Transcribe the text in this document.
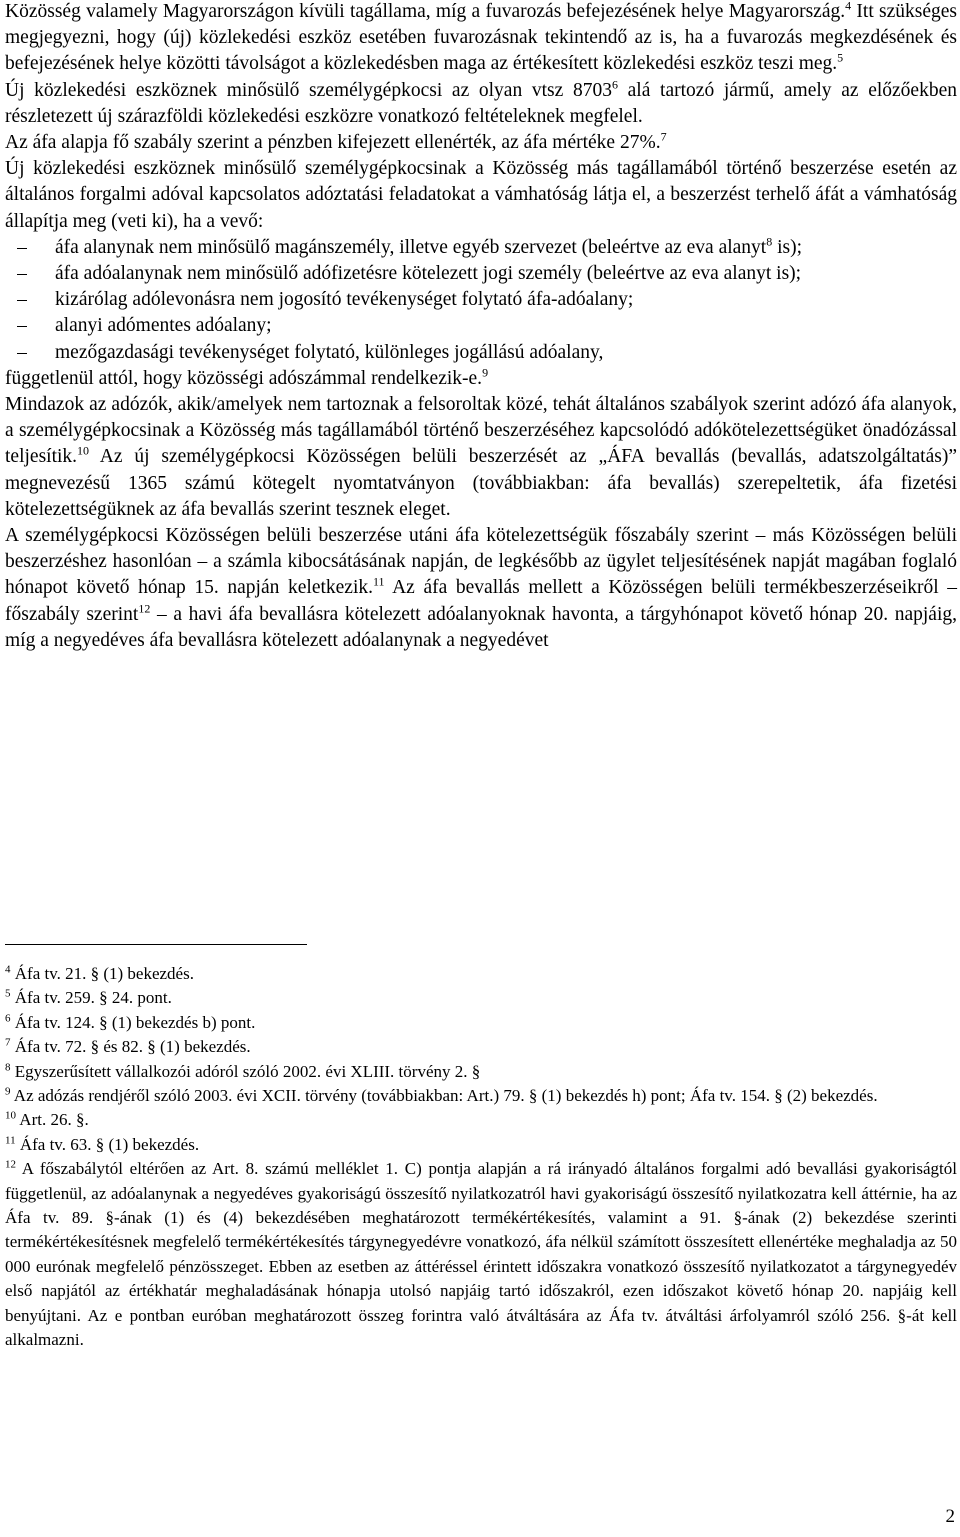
Közösség valamely Magyarországon kívüli tagállama, míg a fuvarozás befejezésének helye Magyarország.$^4$ Itt szükséges megjegyezni, hogy (új) közlekedési eszköz esetében fuvarozásnak tekintendő az is, ha a fuvarozás megkezdésének és befejezésének helye közötti távolságot a közlekedésben maga az értékesített közlekedési eszköz teszi meg.$^5$

Új közlekedési eszköznek minősülő személygépkocsi az olyan vtsz 8703$^6$ alá tartozó jármű, amely az előzőekben részletezett új szárazföldi közlekedési eszközre vonatkozó feltételeknek megfelel.

Az áfa alapja fő szabály szerint a pénzben kifejezett ellenérték, az áfa mértéke 27%.$^7$

Új közlekedési eszköznek minősülő személygépkocsinak a Közösség más tagállamából történő beszerzése esetén az általános forgalmi adóval kapcsolatos adóztatási feladatokat a vámhatóság látja el, a beszerzést terhelő áfát a vámhatóság állapítja meg (veti ki), ha a vevő:

–	áfa alanynak nem minősülő magánszemély, illetve egyéb szervezet (beleértve az eva alanyt$^8$ is);
–	áfa adóalanynak nem minősülő adófizetésre kötelezett jogi személy (beleértve az eva alanyt is);
–	kizárólag adólevonásra nem jogosító tevékenységet folytató áfa-adóalany;
–	alanyi adómentes adóalany;
–	mezőgazdasági tevékenységet folytató, különleges jogállású adóalany,

függetlenül attól, hogy közösségi adószámmal rendelkezik-e.$^9$

Mindazok az adózók, akik/amelyek nem tartoznak a felsoroltak közé, tehát általános szabályok szerint adózó áfa alanyok, a személygépkocsinak a Közösség más tagállamából történő beszerzéséhez kapcsolódó adókötelezettségüket önadózással teljesítik.$^{10}$ Az új személygépkocsi Közösségen belüli beszerzését az „ÁFA bevallás (bevallás, adatszolgáltatás)” megnevezésű 1365 számú kötegelt nyomtatványon (továbbiakban: áfa bevallás) szerepeltetik, áfa fizetési kötelezettségüknek az áfa bevallás szerint tesznek eleget.

A személygépkocsi Közösségen belüli beszerzése utáni áfa kötelezettségük főszabály szerint – más Közösségen belüli beszerzéshez hasonlóan – a számla kibocsátásának napján, de legkésőbb az ügylet teljesítésének napját magában foglaló hónapot követő hónap 15. napján keletkezik.$^{11}$ Az áfa bevallás mellett a Közösségen belüli termékbeszerzéseikről – főszabály szerint$^{12}$ – a havi áfa bevallásra kötelezett adóalanyoknak havonta, a tárgyhónapot követő hónap 20. napjáig, míg a negyedéves áfa bevallásra kötelezett adóalanynak a negyedévet

$^4$ Áfa tv. 21. § (1) bekezdés.

$^5$ Áfa tv. 259. § 24. pont.

$^6$ Áfa tv. 124. § (1) bekezdés b) pont.

$^7$ Áfa tv. 72. § és 82. § (1) bekezdés.

$^8$ Egyszerűsített vállalkozói adóról szóló 2002. évi XLIII. törvény 2. §

$^9$ Az adózás rendjéről szóló 2003. évi XCII. törvény (továbbiakban: Art.) 79. § (1) bekezdés h) pont; Áfa tv. 154. § (2) bekezdés.

$^{10}$ Art. 26. §.

$^{11}$ Áfa tv. 63. § (1) bekezdés.

$^{12}$ A főszabálytól eltérően az Art. 8. számú melléklet 1. C) pontja alapján a rá irányadó általános forgalmi adó bevallási gyakoriságtól függetlenül, az adóalanynak a negyedéves gyakoriságú összesítő nyilatkozatról havi gyakoriságú összesítő nyilatkozatra kell áttérnie, ha az Áfa tv. 89. §-ának (1) és (4) bekezdésében meghatározott termékértékesítés, valamint a 91. §-ának (2) bekezdése szerinti termékértékesítésnek megfelelő termékértékesítés tárgynegyedévre vonatkozó, áfa nélkül számított összesített ellenértéke meghaladja az 50 000 eurónak megfelelő pénzösszeget. Ebben az esetben az áttéréssel érintett időszakra vonatkozó összesítő nyilatkozatot a tárgynegyedév első napjától az értékhatár meghaladásának hónapja utolsó napjáig tartó időszakról, ezen időszakot követő hónap 20. napjáig kell benyújtani. Az e pontban euróban meghatározott összeg forintra való átváltására az Áfa tv. átváltási árfolyamról szóló 256. §-át kell alkalmazni.

2
